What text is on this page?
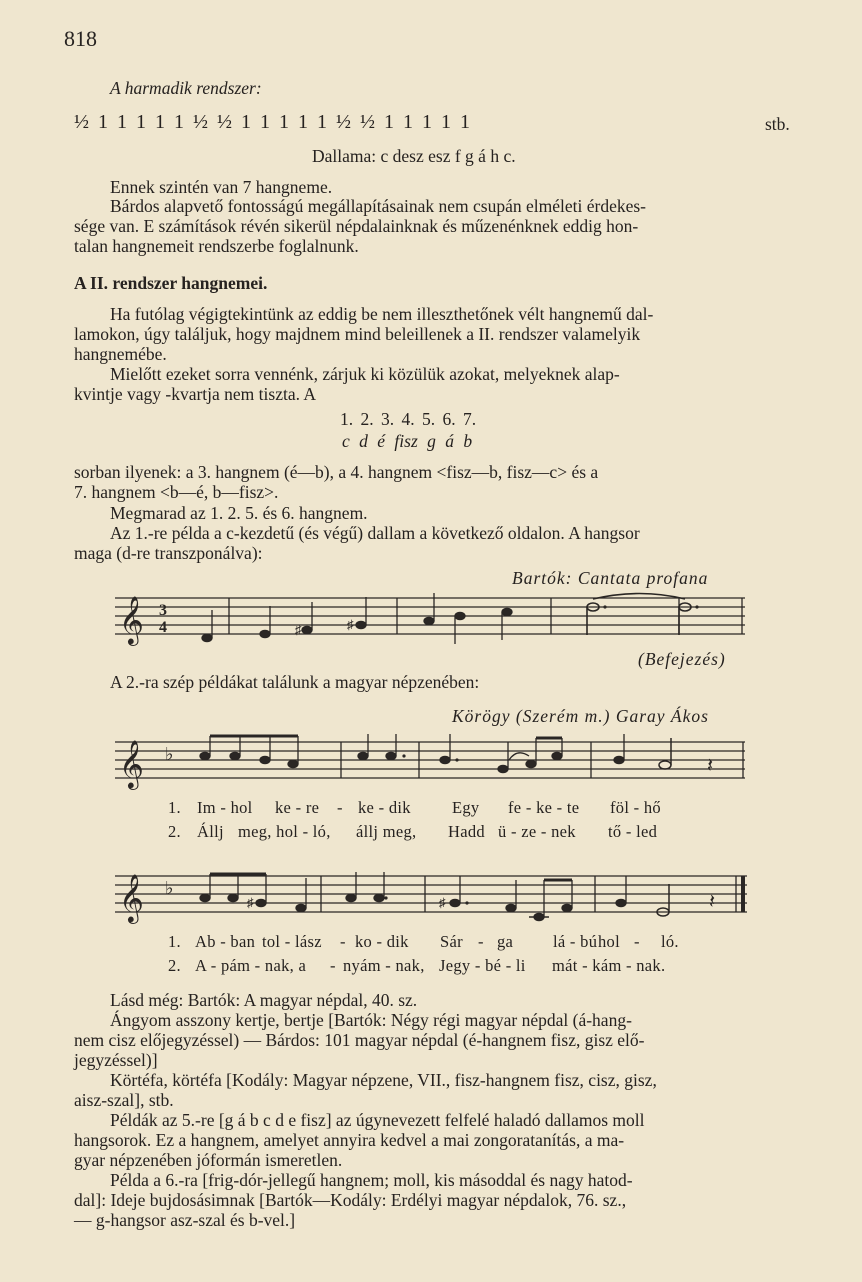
818
A harmadik rendszer:
½ 1 1 1 1 1 ½ ½ 1 1 1 1 1 ½ ½ 1 1 1 1 1	stb.
Dallama: c desz esz f g á h c.
Ennek szintén van 7 hangneme.
Bárdos alapvető fontosságú megállapításainak nem csupán elméleti érdekes-
sége van. E számítások révén sikerül népdalainknak és műzenénknek eddig hon-
talan hangnemeit rendszerbe foglalnunk.
A II. rendszer hangnemei.
Ha futólag végigtekintünk az eddig be nem illeszthetőnek vélt hangnemű dal-
lamokon, úgy találjuk, hogy majdnem mind beleillenek a II. rendszer valamelyik
hangnemébe.
Mielőtt ezeket sorra vennénk, zárjuk ki közülük azokat, melyeknek alap-
kvintje vagy -kvartja nem tiszta. A
1. 2. 3. 4. 5. 6. 7.
c d é fisz g á b
sorban ilyenek: a 3. hangnem (é—b), a 4. hangnem <fisz—b, fisz—c> és a
7. hangnem <b—é, b—fisz>.
Megmarad az 1. 2. 5. és 6. hangnem.
Az 1.-re példa a c-kezdetű (és végű) dallam a következő oldalon. A hangsor
maga (d-re transzponálva):
Bartók: Cantata profana
𝄞 3
4	♯	♯
(Befejezés)
A 2.-ra szép példákat találunk a magyar népzenében:
Körögy (Szerém m.) Garay Ákos
𝄞 ♭
𝄽
1. Im - hol ke - re - ke - dik Egy fe - ke - te föl - hő
2. Állj meg, hol - ló, állj meg, Hadd ü - ze - nek tő - led
𝄞 ♭
𝄽
♯	♯
1. Ab - ban tol - lász - ko - dik Sár - ga lá - bú hol - ló.
2. A - pám - nak, a - nyám - nak, Jegy - bé - li mát - kám - nak.
Lásd még: Bartók: A magyar népdal, 40. sz.
Ángyom asszony kertje, bertje [Bartók: Négy régi magyar népdal (á-hang-
nem cisz előjegyzéssel) — Bárdos: 101 magyar népdal (é-hangnem fisz, gisz elő-
jegyzéssel)]
Körtéfa, körtéfa [Kodály: Magyar népzene, VII., fisz-hangnem fisz, cisz, gisz,
aisz-szal], stb.
Példák az 5.-re [g á b c d e fisz] az úgynevezett felfelé haladó dallamos moll
hangsorok. Ez a hangnem, amelyet annyira kedvel a mai zongoratanítás, a ma-
gyar népzenében jóformán ismeretlen.
Példa a 6.-ra [frig-dór-jellegű hangnem; moll, kis másoddal és nagy hatod-
dal]: Ideje bujdosásimnak [Bartók—Kodály: Erdélyi magyar népdalok, 76. sz.,
— g-hangsor asz-szal és b-vel.]
